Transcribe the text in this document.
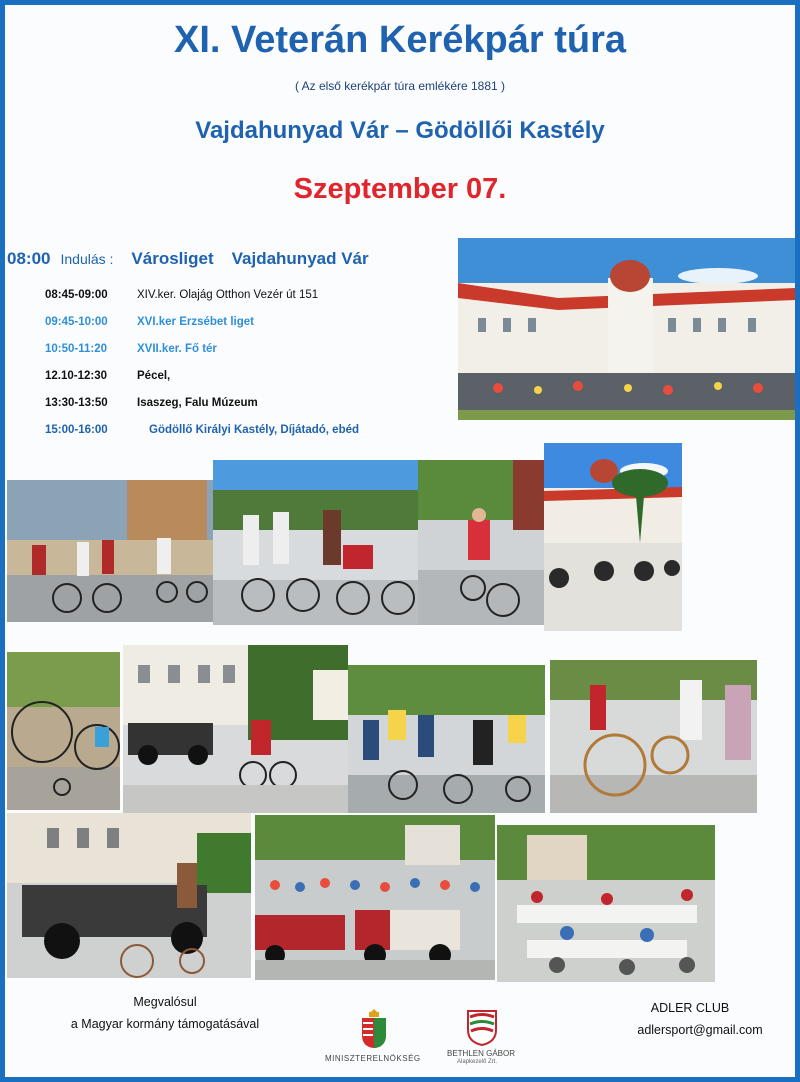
XI. Veterán Kerékpár túra
( Az első kerékpár túra emlékére 1881 )
Vajdahunyad Vár – Gödöllői Kastély
Szeptember 07.
08:00 Indulás : Városliget Vajdahunyad Vár
08:45-09:00	XIV.ker. Olajág Otthon Vezér út 151
09:45-10:00	XVI.ker Erzsébet liget
10:50-11:20	XVII.ker. Fő tér
12.10-12:30	Pécel,
13:30-13:50	Isaszeg, Falu Múzeum
15:00-16:00	Gödöllő Királyi Kastély, Díjátadó, ebéd
Megvalósul
a Magyar kormány támogatásával
MINISZTERELNÖKSÉG
BETHLEN GÁBOR
Alapkezelő Zrt.
ADLER CLUB
adlersport@gmail.com
